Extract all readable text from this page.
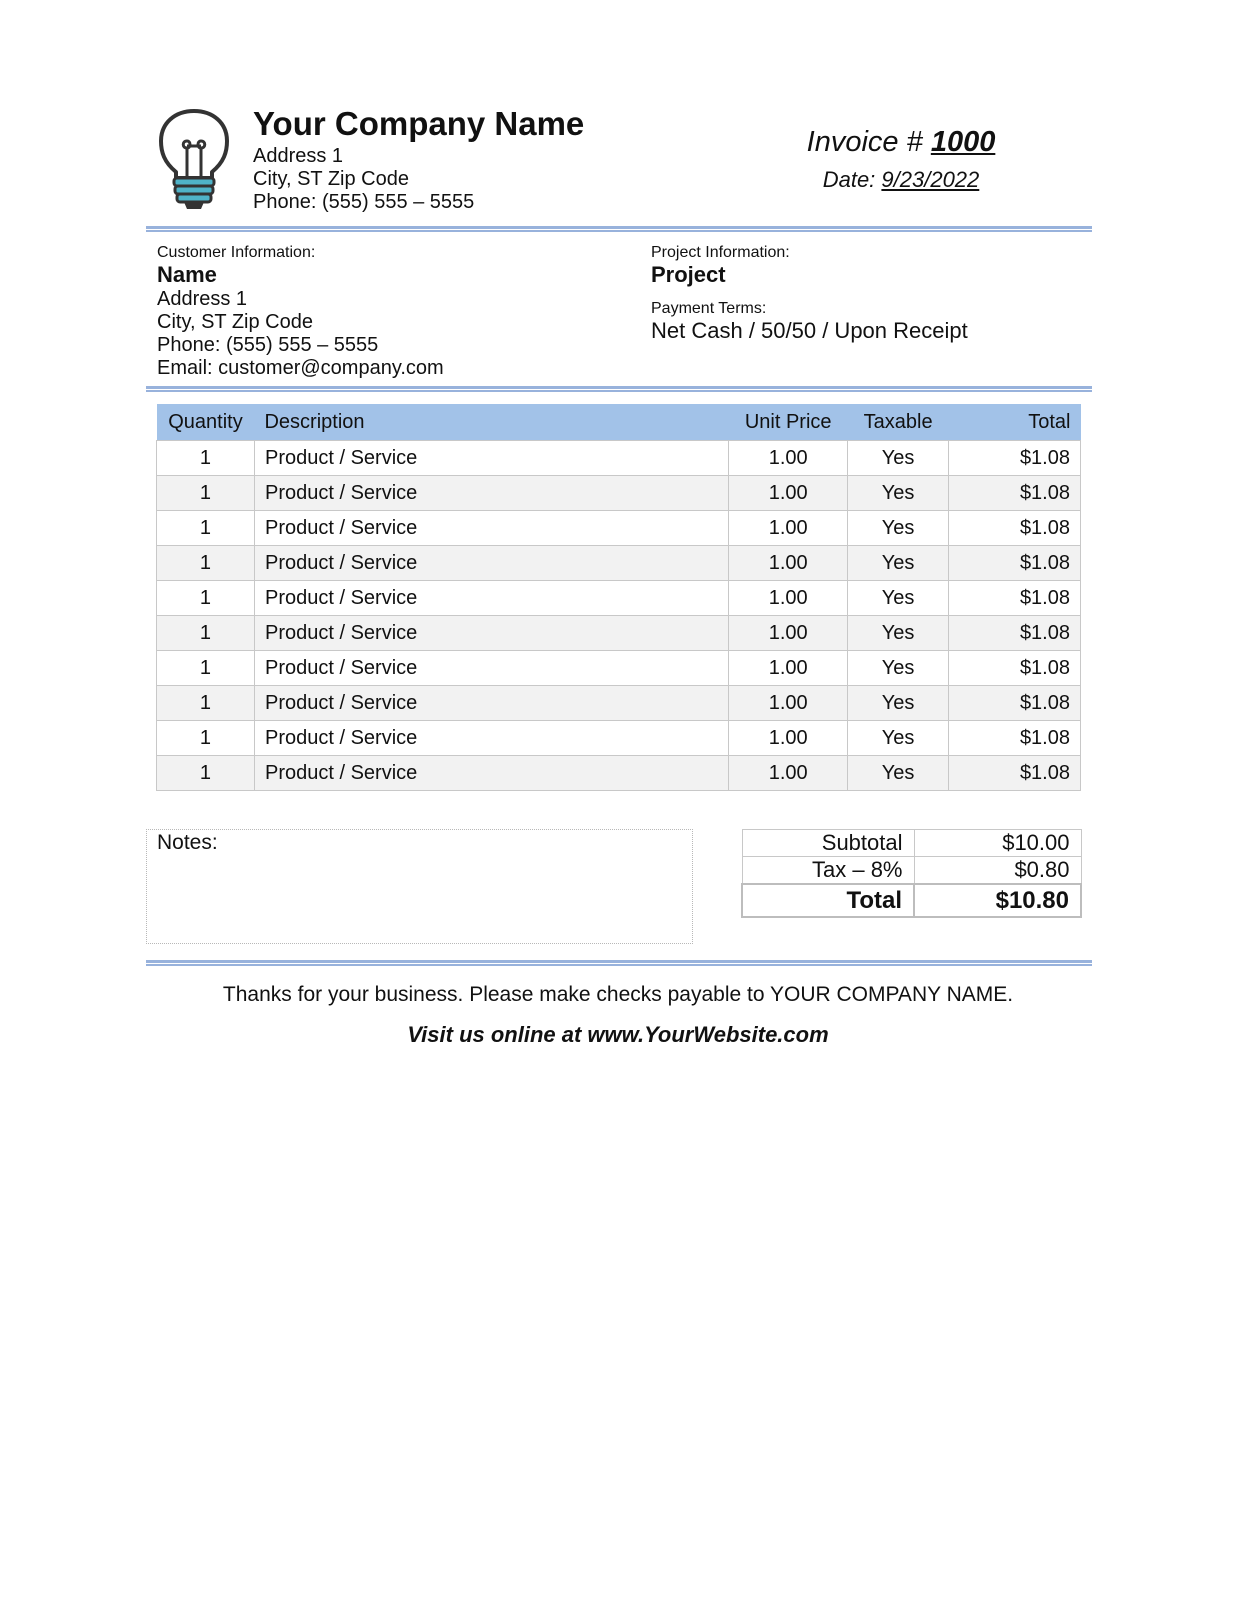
Your Company Name
Address 1
City, ST Zip Code
Phone: (555) 555 – 5555
Invoice # 1000
Date: 9/23/2022
Customer Information:
Name
Address 1
City, ST Zip Code
Phone: (555) 555 – 5555
Email: customer@company.com
Project Information:
Project
Payment Terms:
Net Cash / 50/50 / Upon Receipt
Quantity	Description	Unit Price	Taxable	Total
1	Product / Service	1.00	Yes	$1.08
1	Product / Service	1.00	Yes	$1.08
1	Product / Service	1.00	Yes	$1.08
1	Product / Service	1.00	Yes	$1.08
1	Product / Service	1.00	Yes	$1.08
1	Product / Service	1.00	Yes	$1.08
1	Product / Service	1.00	Yes	$1.08
1	Product / Service	1.00	Yes	$1.08
1	Product / Service	1.00	Yes	$1.08
1	Product / Service	1.00	Yes	$1.08
Notes:	Subtotal	$10.00
Tax – 8%	$0.80
Total	$10.80
Thanks for your business. Please make checks payable to YOUR COMPANY NAME.
Visit us online at www.YourWebsite.com
